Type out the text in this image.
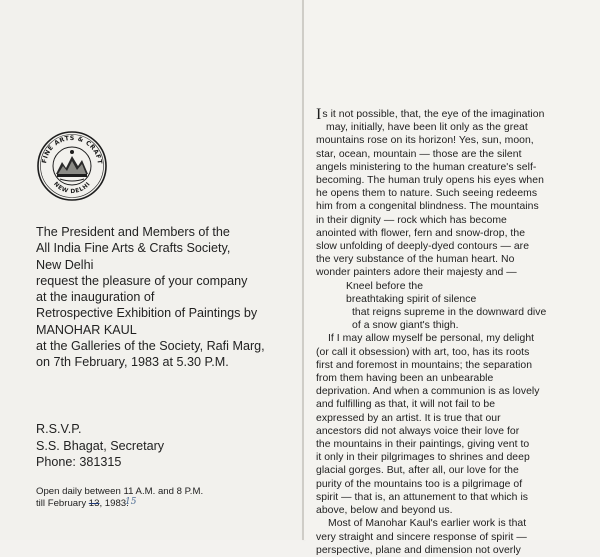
FINE ARTS & CRAFT
NEW DELHI
The President and Members of the
All India Fine Arts & Crafts Society,
New Delhi
request the pleasure of your company
at the inauguration of
Retrospective Exhibition of Paintings by
MANOHAR KAUL
at the Galleries of the Society, Rafi Marg,
on 7th February, 1983 at 5.30 P.M.
R.S.V.P.
S.S. Bhagat, Secretary
Phone: 381315
Open daily between 11 A.M. and 8 P.M.
till February 13, 1983.
15
Is it not possible, that, the eye of the imagination
may, initially, have been lit only as the great
mountains rose on its horizon! Yes, sun, moon,
star, ocean, mountain — those are the silent
angels ministering to the human creature's self-
becoming. The human truly opens his eyes when
he opens them to nature. Such seeing redeems
him from a congenital blindness. The mountains
in their dignity — rock which has become
anointed with flower, fern and snow-drop, the
slow unfolding of deeply-dyed contours — are
the very substance of the human heart. No
wonder painters adore their majesty and —
Kneel before the
breathtaking spirit of silence
that reigns supreme in the downward dive
of a snow giant's thigh.
If I may allow myself be personal, my delight
(or call it obsession) with art, too, has its roots
first and foremost in mountains; the separation
from them having been an unbearable
deprivation. And when a communion is as lovely
and fulfilling as that, it will not fail to be
expressed by an artist. It is true that our
ancestors did not always voice their love for
the mountains in their paintings, giving vent to
it only in their pilgrimages to shrines and deep
glacial gorges. But, after all, our love for the
purity of the mountains too is a pilgrimage of
spirit — that is, an attunement to that which is
above, below and beyond us.
Most of Manohar Kaul's earlier work is that
very straight and sincere response of spirit —
perspective, plane and dimension not overly
